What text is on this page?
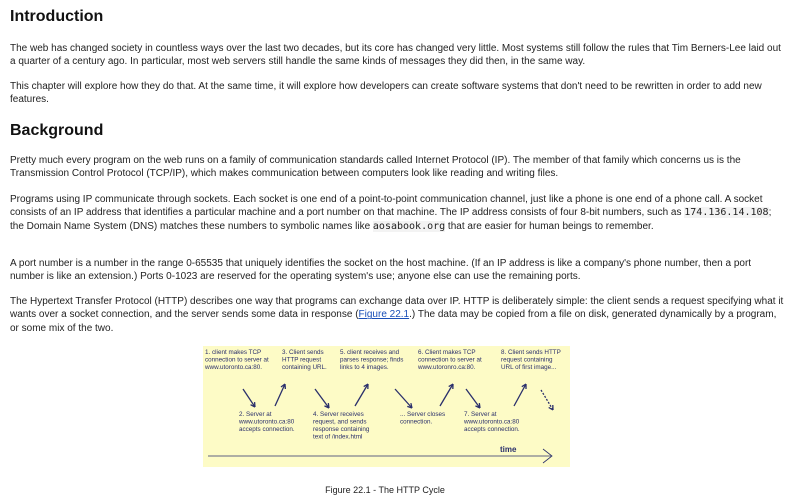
Introduction

The web has changed society in countless ways over the last two decades, but its core has changed very little. Most systems still follow the rules that Tim Berners-Lee laid out a quarter of a century ago. In particular, most web servers still handle the same kinds of messages they did then, in the same way.

This chapter will explore how they do that. At the same time, it will explore how developers can create software systems that don't need to be rewritten in order to add new features.

Background

Pretty much every program on the web runs on a family of communication standards called Internet Protocol (IP). The member of that family which concerns us is the Transmission Control Protocol (TCP/IP), which makes communication between computers look like reading and writing files.

Programs using IP communicate through sockets. Each socket is one end of a point-to-point communication channel, just like a phone is one end of a phone call. A socket consists of an IP address that identifies a particular machine and a port number on that machine. The IP address consists of four 8-bit numbers, such as 174.136.14.108; the Domain Name System (DNS) matches these numbers to symbolic names like aosabook.org that are easier for human beings to remember.

A port number is a number in the range 0-65535 that uniquely identifies the socket on the host machine. (If an IP address is like a company's phone number, then a port number is like an extension.) Ports 0-1023 are reserved for the operating system's use; anyone else can use the remaining ports.

The Hypertext Transfer Protocol (HTTP) describes one way that programs can exchange data over IP. HTTP is deliberately simple: the client sends a request specifying what it wants over a socket connection, and the server sends some data in response (Figure 22.1.) The data may be copied from a file on disk, generated dynamically by a program, or some mix of the two.

1. client makes TCP connection to server at www.utoronto.ca:80.
3. Client sends HTTP request containing URL.
5. client receives and parses response; finds links to 4 images.
6. Client makes TCP connection to server at www.utoronro.ca:80.
8. Client sends HTTP request containing URL of first image...
2. Server at www.utoronto.ca:80 accepts connection.
4. Server receives request, and sends response containing text of /index.html
... Server closes connection.
7. Server at www.utoronto.ca:80 accepts connection.
time
Figure 22.1 - The HTTP Cycle
